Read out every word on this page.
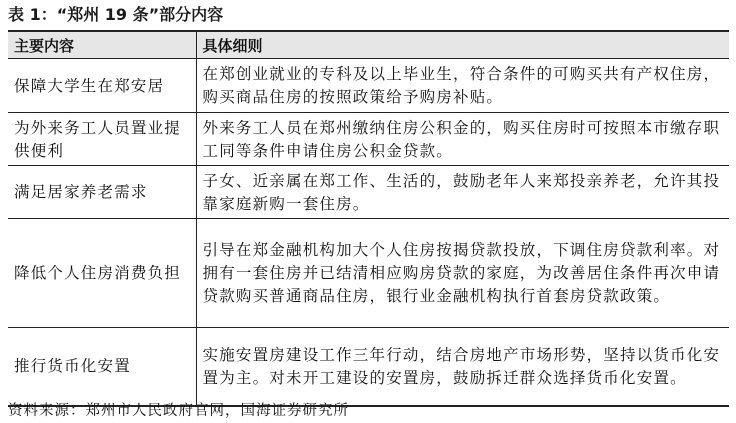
表 1：“郑州 19 条”部分内容
主要内容	具体细则
保障大学生在郑安居	在郑创业就业的专科及以上毕业生，符合条件的可购买共有产权住房，购买商品住房的按照政策给予购房补贴。
为外来务工人员置业提供便利	外来务工人员在郑州缴纳住房公积金的，购买住房时可按照本市缴存职工同等条件申请住房公积金贷款。
满足居家养老需求	子女、近亲属在郑工作、生活的，鼓励老年人来郑投亲养老，允许其投靠家庭新购一套住房。
降低个人住房消费负担	引导在郑金融机构加大个人住房按揭贷款投放，下调住房贷款利率。对拥有一套住房并已结清相应购房贷款的家庭，为改善居住条件再次申请贷款购买普通商品住房，银行业金融机构执行首套房贷款政策。
推行货币化安置	实施安置房建设工作三年行动，结合房地产市场形势，坚持以货币化安置为主。对未开工建设的安置房，鼓励拆迁群众选择货币化安置。
资料来源：郑州市人民政府官网，国海证券研究所
